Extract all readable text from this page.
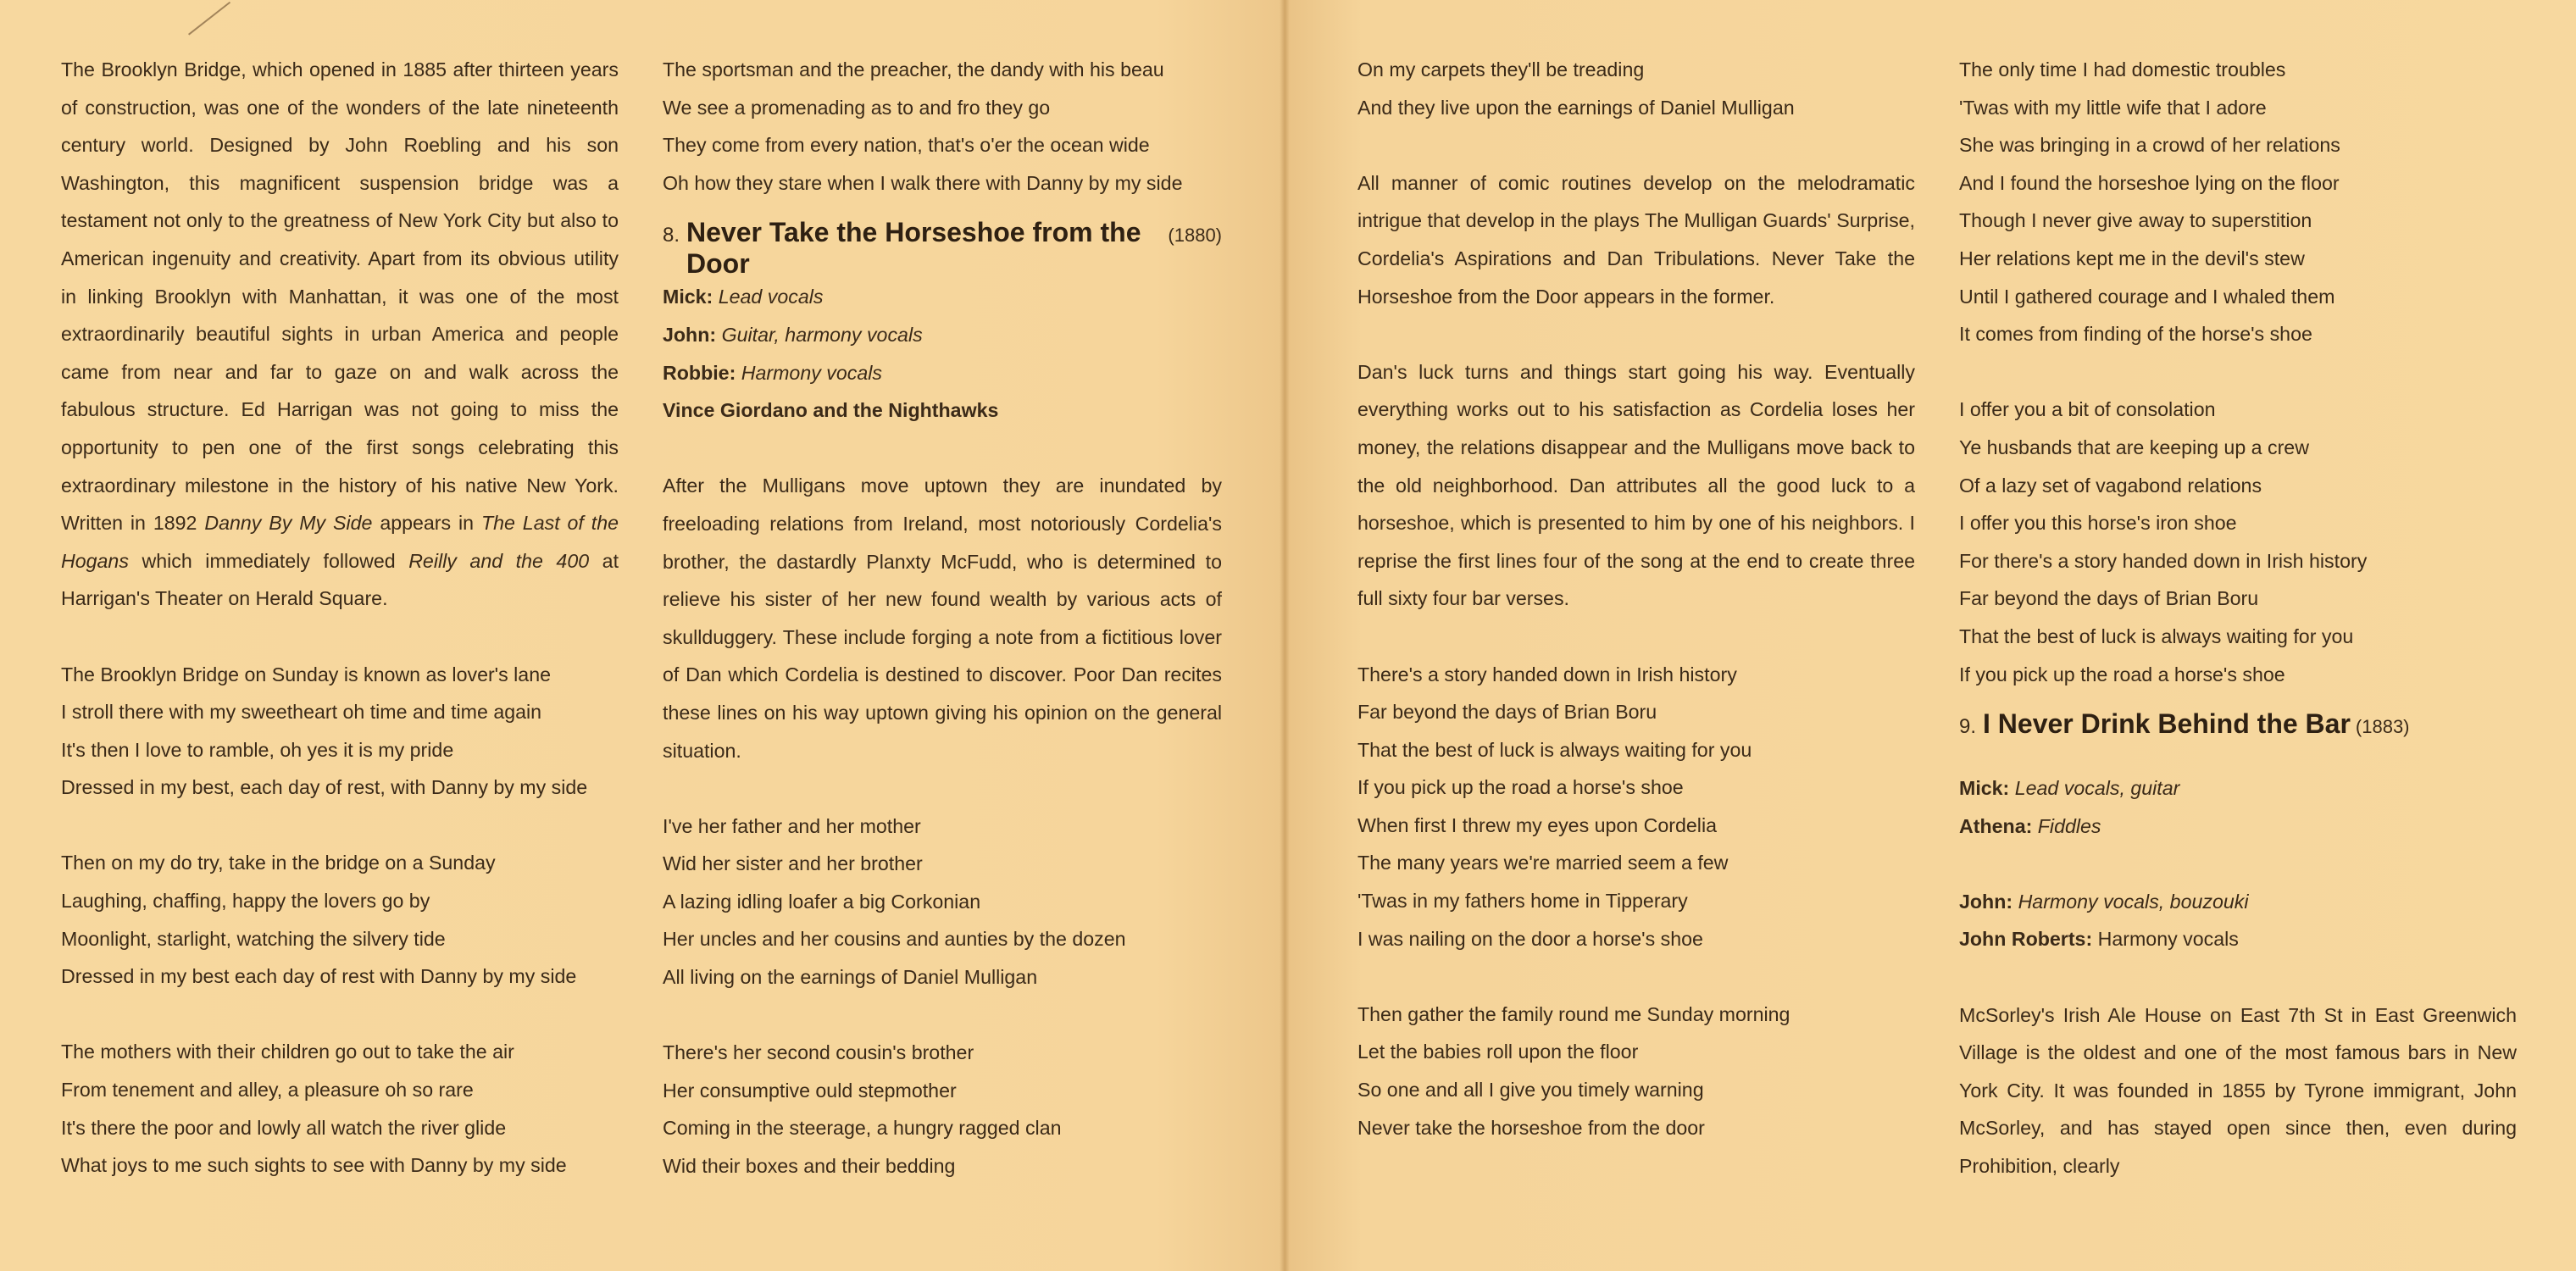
The Brooklyn Bridge, which opened in 1885 after thirteen years of construction, was one of the wonders of the late nineteenth century world. Designed by John Roebling and his son Washington, this magnificent suspension bridge was a testament not only to the greatness of New York City but also to American ingenuity and creativity. Apart from its obvious utility in linking Brooklyn with Manhattan, it was one of the most extraordinarily beautiful sights in urban America and people came from near and far to gaze on and walk across the fabulous structure. Ed Harrigan was not going to miss the opportunity to pen one of the first songs celebrating this extraordinary milestone in the history of his native New York. Written in 1892 Danny By My Side appears in The Last of the Hogans which immediately followed Reilly and the 400 at Harrigan's Theater on Herald Square.

The Brooklyn Bridge on Sunday is known as lover's lane
I stroll there with my sweetheart oh time and time again
It's then I love to ramble, oh yes it is my pride
Dressed in my best, each day of rest, with Danny by my side

Then on my do try, take in the bridge on a Sunday
Laughing, chaffing, happy the lovers go by
Moonlight, starlight, watching the silvery tide
Dressed in my best each day of rest with Danny by my side

The mothers with their children go out to take the air
From tenement and alley, a pleasure oh so rare
It's there the poor and lowly all watch the river glide
What joys to me such sights to see with Danny by my side

The sportsman and the preacher, the dandy with his beau
We see a promenading as to and fro they go
They come from every nation, that's o'er the ocean wide
Oh how they stare when I walk there with Danny by my side

8. Never Take the Horseshoe from the Door
(1880)
Mick: Lead vocals
John: Guitar, harmony vocals
Robbie: Harmony vocals
Vince Giordano and the Nighthawks

After the Mulligans move uptown they are inundated by freeloading relations from Ireland, most notoriously Cordelia's brother, the dastardly Planxty McFudd, who is determined to relieve his sister of her new found wealth by various acts of skullduggery. These include forging a note from a fictitious lover of Dan which Cordelia is destined to discover. Poor Dan recites these lines on his way uptown giving his opinion on the general situation.

I've her father and her mother
Wid her sister and her brother
A lazing idling loafer a big Corkonian
Her uncles and her cousins and aunties by the dozen
All living on the earnings of Daniel Mulligan

There's her second cousin's brother
Her consumptive ould stepmother
Coming in the steerage, a hungry ragged clan
Wid their boxes and their bedding

On my carpets they'll be treading
And they live upon the earnings of Daniel Mulligan

All manner of comic routines develop on the melodramatic intrigue that develop in the plays The Mulligan Guards' Surprise, Cordelia's Aspirations and Dan Tribulations. Never Take the Horseshoe from the Door appears in the former.

Dan's luck turns and things start going his way. Eventually everything works out to his satisfaction as Cordelia loses her money, the relations disappear and the Mulligans move back to the old neighborhood. Dan attributes all the good luck to a horseshoe, which is presented to him by one of his neighbors. I reprise the first lines four of the song at the end to create three full sixty four bar verses.

There's a story handed down in Irish history
Far beyond the days of Brian Boru
That the best of luck is always waiting for you
If you pick up the road a horse's shoe
When first I threw my eyes upon Cordelia
The many years we're married seem a few
'Twas in my fathers home in Tipperary
I was nailing on the door a horse's shoe

Then gather the family round me Sunday morning
Let the babies roll upon the floor
So one and all I give you timely warning
Never take the horseshoe from the door

The only time I had domestic troubles
'Twas with my little wife that I adore
She was bringing in a crowd of her relations
And I found the horseshoe lying on the floor
Though I never give away to superstition
Her relations kept me in the devil's stew
Until I gathered courage and I whaled them
It comes from finding of the horse's shoe

I offer you a bit of consolation
Ye husbands that are keeping up a crew
Of a lazy set of vagabond relations
I offer you this horse's iron shoe
For there's a story handed down in Irish history
Far beyond the days of Brian Boru
That the best of luck is always waiting for you
If you pick up the road a horse's shoe

9. I Never Drink Behind the Bar (1883)
Mick: Lead vocals, guitar
Athena: Fiddles
John: Harmony vocals, bouzouki
John Roberts: Harmony vocals

McSorley's Irish Ale House on East 7th St in East Greenwich Village is the oldest and one of the most famous bars in New York City. It was founded in 1855 by Tyrone immigrant, John McSorley, and has stayed open since then, even during Prohibition, clearly
